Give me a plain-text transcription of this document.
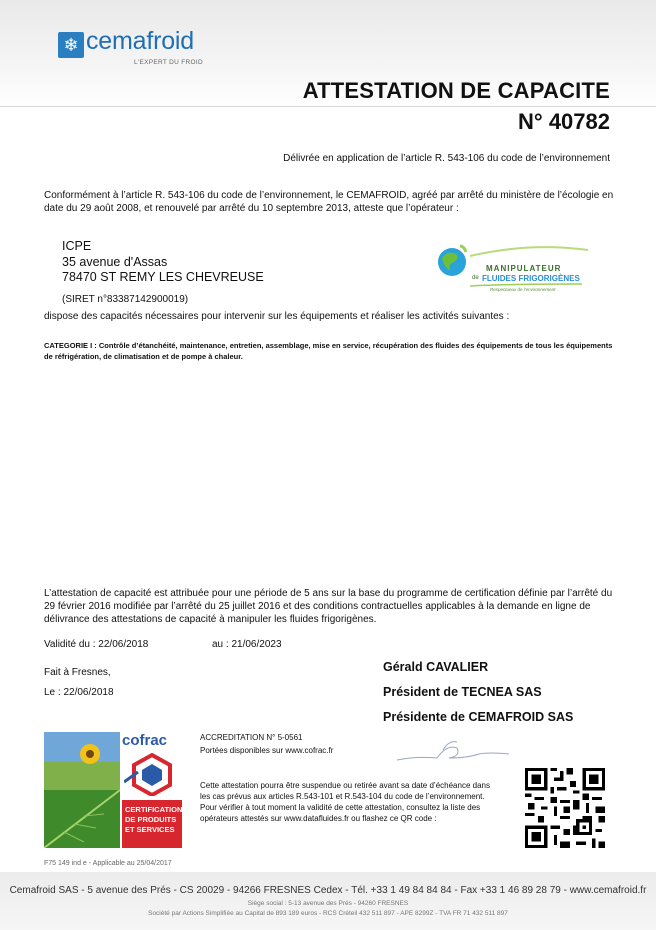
❄ cemafroid
L'EXPERT DU FROID
ATTESTATION DE CAPACITE
N° 40782
Délivrée en application de l’article R. 543-106 du code de l’environnement
Conformément à l’article R. 543-106 du code de l’environnement, le CEMAFROID, agréé par arrêté du ministère de l’écologie en date du 29 août 2008, et renouvelé par arrêté du 10 septembre 2013, atteste que l’opérateur :
ICPE
35 avenue d'Assas
78470 ST REMY LES CHEVREUSE
(SIRET n°83387142900019)
MANIPULATEUR
de FLUIDES FRIGORIGÈNES
Respectueux de l'environnement
dispose des capacités nécessaires pour intervenir sur les équipements et réaliser les activités suivantes :
CATEGORIE I : Contrôle d’étanchéité, maintenance, entretien, assemblage, mise en service, récupération des fluides des équipements de tous les équipements de réfrigération, de climatisation et de pompe à chaleur.
L’attestation de capacité est attribuée pour une période de 5 ans sur la base du programme de certification définie par l’arrêté du 29 février 2016 modifiée par l’arrêté du 25 juillet 2016 et des conditions contractuelles applicables à la demande en ligne de délivrance des attestations de capacité à manipuler les fluides frigorigènes.
Validité du : 22/06/2018	au : 21/06/2023
Fait à Fresnes,
Le : 22/06/2018
Gérald CAVALIER
Président de TECNEA SAS
Présidente de CEMAFROID SAS
cofrac
CERTIFICATION
DE PRODUITS
ET SERVICES
ACCREDITATION N° 5-0561
Portées disponibles sur www.cofrac.fr
Cette attestation pourra être suspendue ou retirée avant sa date d’échéance dans les cas prévus aux articles R.543-101 et R.543-104 du code de l’environnement. Pour vérifier à tout moment la validité de cette attestation, consultez la liste des opérateurs attestés sur www.datafluides.fr ou flashez ce QR code :
F75 149 ind e - Applicable au 25/04/2017
Cemafroid SAS - 5 avenue des Prés - CS 20029 - 94266 FRESNES Cedex - Tél. +33 1 49 84 84 84 - Fax +33 1 46 89 28 79 - www.cemafroid.fr
Siège social : 5-13 avenue des Prés - 94260 FRESNES
Société par Actions Simplifiée au Capital de 893 189 euros - RCS Créteil 432 511 897 - APE 8299Z - TVA FR 71 432 511 897
